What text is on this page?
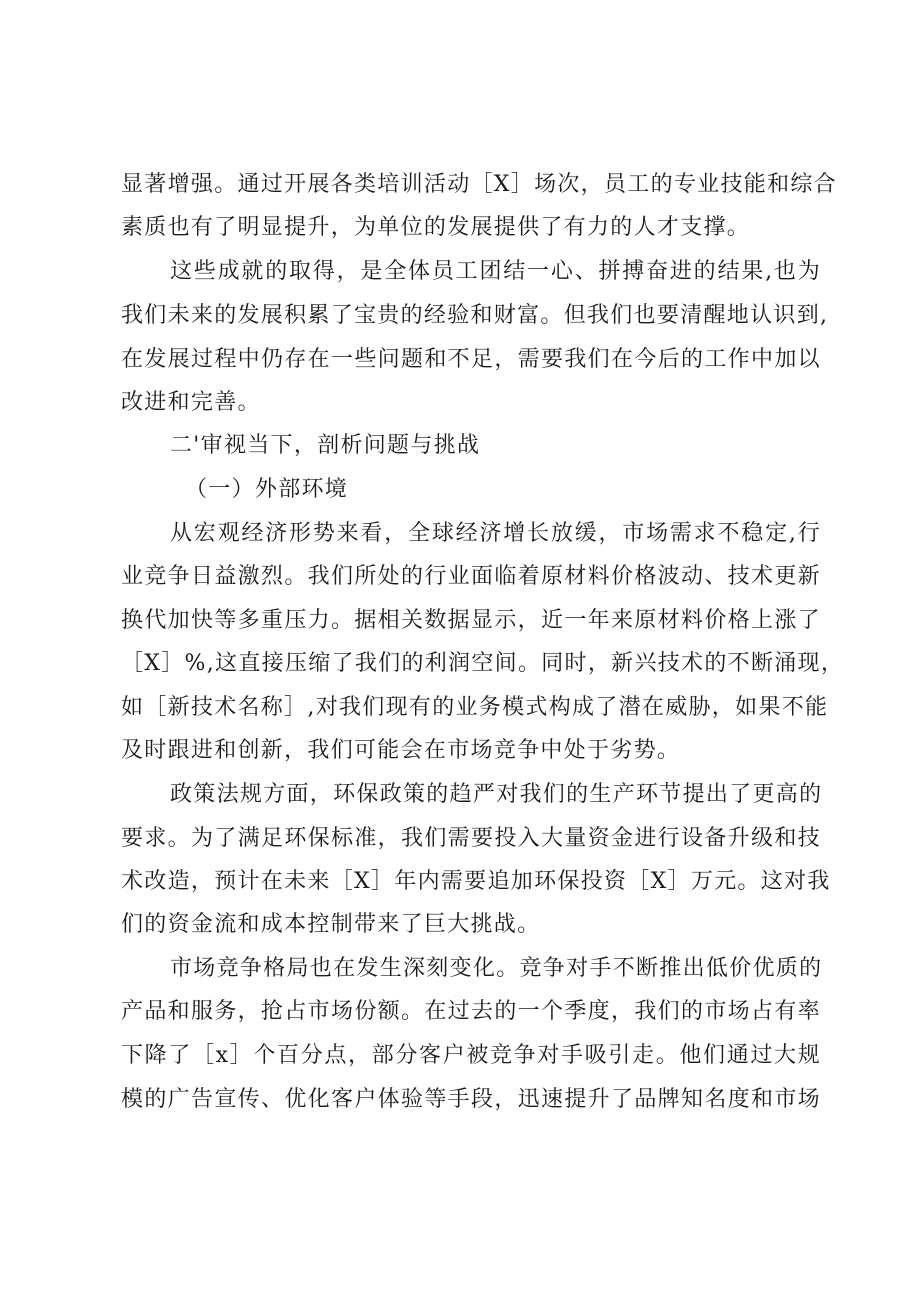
显著增强。通过开展各类培训活动［X］场次，员工的专业技能和综合
素质也有了明显提升，为单位的发展提供了有力的人才支撑。
这些成就的取得，是全体员工团结一心、拼搏奋进的结果,也为
我们未来的发展积累了宝贵的经验和财富。但我们也要清醒地认识到,
在发展过程中仍存在一些问题和不足，需要我们在今后的工作中加以
改进和完善。
二'审视当下，剖析问题与挑战
（一）外部环境
从宏观经济形势来看，全球经济增长放缓，市场需求不稳定,行
业竞争日益激烈。我们所处的行业面临着原材料价格波动、技术更新
换代加快等多重压力。据相关数据显示，近一年来原材料价格上涨了
［X］%,这直接压缩了我们的利润空间。同时，新兴技术的不断涌现，
如［新技术名称］,对我们现有的业务模式构成了潜在威胁，如果不能
及时跟进和创新，我们可能会在市场竞争中处于劣势。
政策法规方面，环保政策的趋严对我们的生产环节提出了更高的
要求。为了满足环保标准，我们需要投入大量资金进行设备升级和技
术改造，预计在未来［X］年内需要追加环保投资［X］万元。这对我
们的资金流和成本控制带来了巨大挑战。
市场竞争格局也在发生深刻变化。竞争对手不断推出低价优质的
产品和服务，抢占市场份额。在过去的一个季度，我们的市场占有率
下降了［x］个百分点，部分客户被竞争对手吸引走。他们通过大规
模的广告宣传、优化客户体验等手段，迅速提升了品牌知名度和市场
